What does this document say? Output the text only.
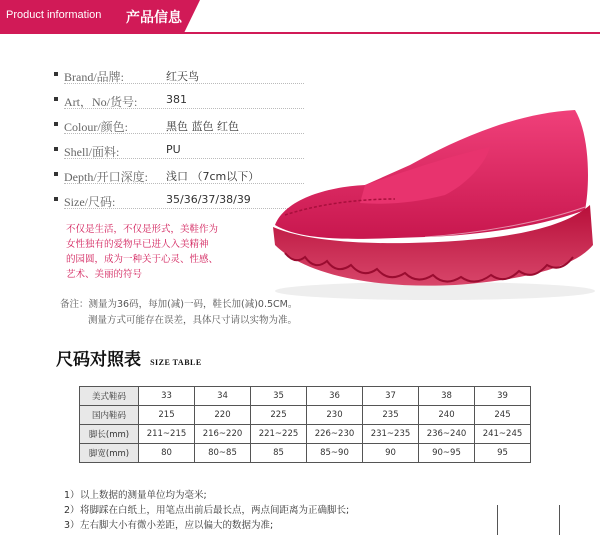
Product information 产品信息
Brand/品牌:	红天鸟
Art，No/货号:	381
Colour/颜色:	黑色 蓝色 红色
Shell/面料:	PU
Depth/开口深度: 浅口 （7cm以下）
Size/尺码:	35/36/37/38/39
不仅是生活，不仅是形式，美鞋作为
女性独有的爱物早已进人入美精神
的园圆，成为一种关于心灵、性感、
艺术、美丽的符号
备注：测量为36码，每加(减)一码，鞋长加(减)0.5CM。
测量方式可能存在误差，具体尺寸请以实物为准。
尺码对照表 SIZE TABLE
美式鞋码	33	34	35	36	37	38	39
国内鞋码	215	220	225	230	235	240	245
脚长(mm)	211~215	216~220	221~225	226~230	231~235	236~240	241~245
脚宽(mm)	80	80~85	85	85~90	90	90~95	95
1）以上数据的测量单位均为毫米;
2）将脚踩在白纸上，用笔点出前后最长点，两点间距离为正确脚长;
3）左右脚大小有微小差距，应以偏大的数据为准;
